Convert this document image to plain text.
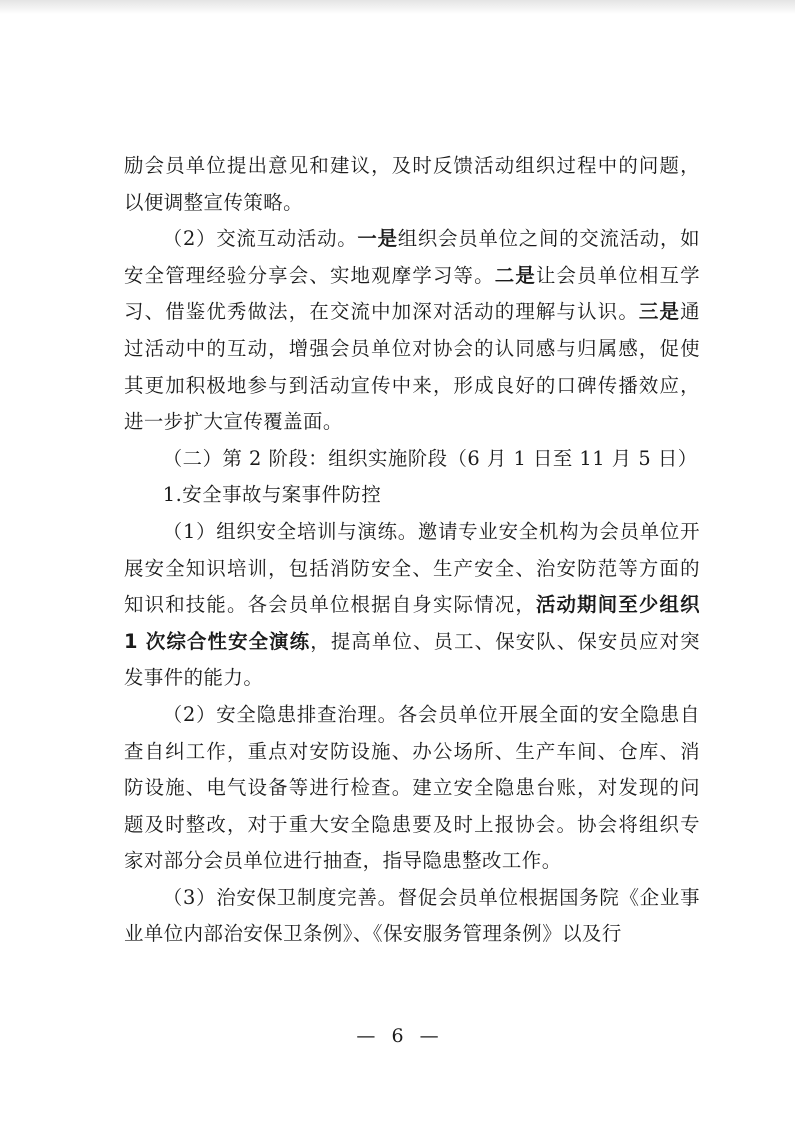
励会员单位提出意见和建议，及时反馈活动组织过程中的问题，以便调整宣传策略。

（2）交流互动活动。一是组织会员单位之间的交流活动，如安全管理经验分享会、实地观摩学习等。二是让会员单位相互学习、借鉴优秀做法，在交流中加深对活动的理解与认识。三是通过活动中的互动，增强会员单位对协会的认同感与归属感，促使其更加积极地参与到活动宣传中来，形成良好的口碑传播效应，进一步扩大宣传覆盖面。

（二）第 2 阶段：组织实施阶段（6 月 1 日至 11 月 5 日）

1.安全事故与案事件防控

（1）组织安全培训与演练。邀请专业安全机构为会员单位开展安全知识培训，包括消防安全、生产安全、治安防范等方面的知识和技能。各会员单位根据自身实际情况，活动期间至少组织 1 次综合性安全演练，提高单位、员工、保安队、保安员应对突发事件的能力。

（2）安全隐患排查治理。各会员单位开展全面的安全隐患自查自纠工作，重点对安防设施、办公场所、生产车间、仓库、消防设施、电气设备等进行检查。建立安全隐患台账，对发现的问题及时整改，对于重大安全隐患要及时上报协会。协会将组织专家对部分会员单位进行抽查，指导隐患整改工作。

（3）治安保卫制度完善。督促会员单位根据国务院《企业事业单位内部治安保卫条例》、《保安服务管理条例》以及行

— 6 —
